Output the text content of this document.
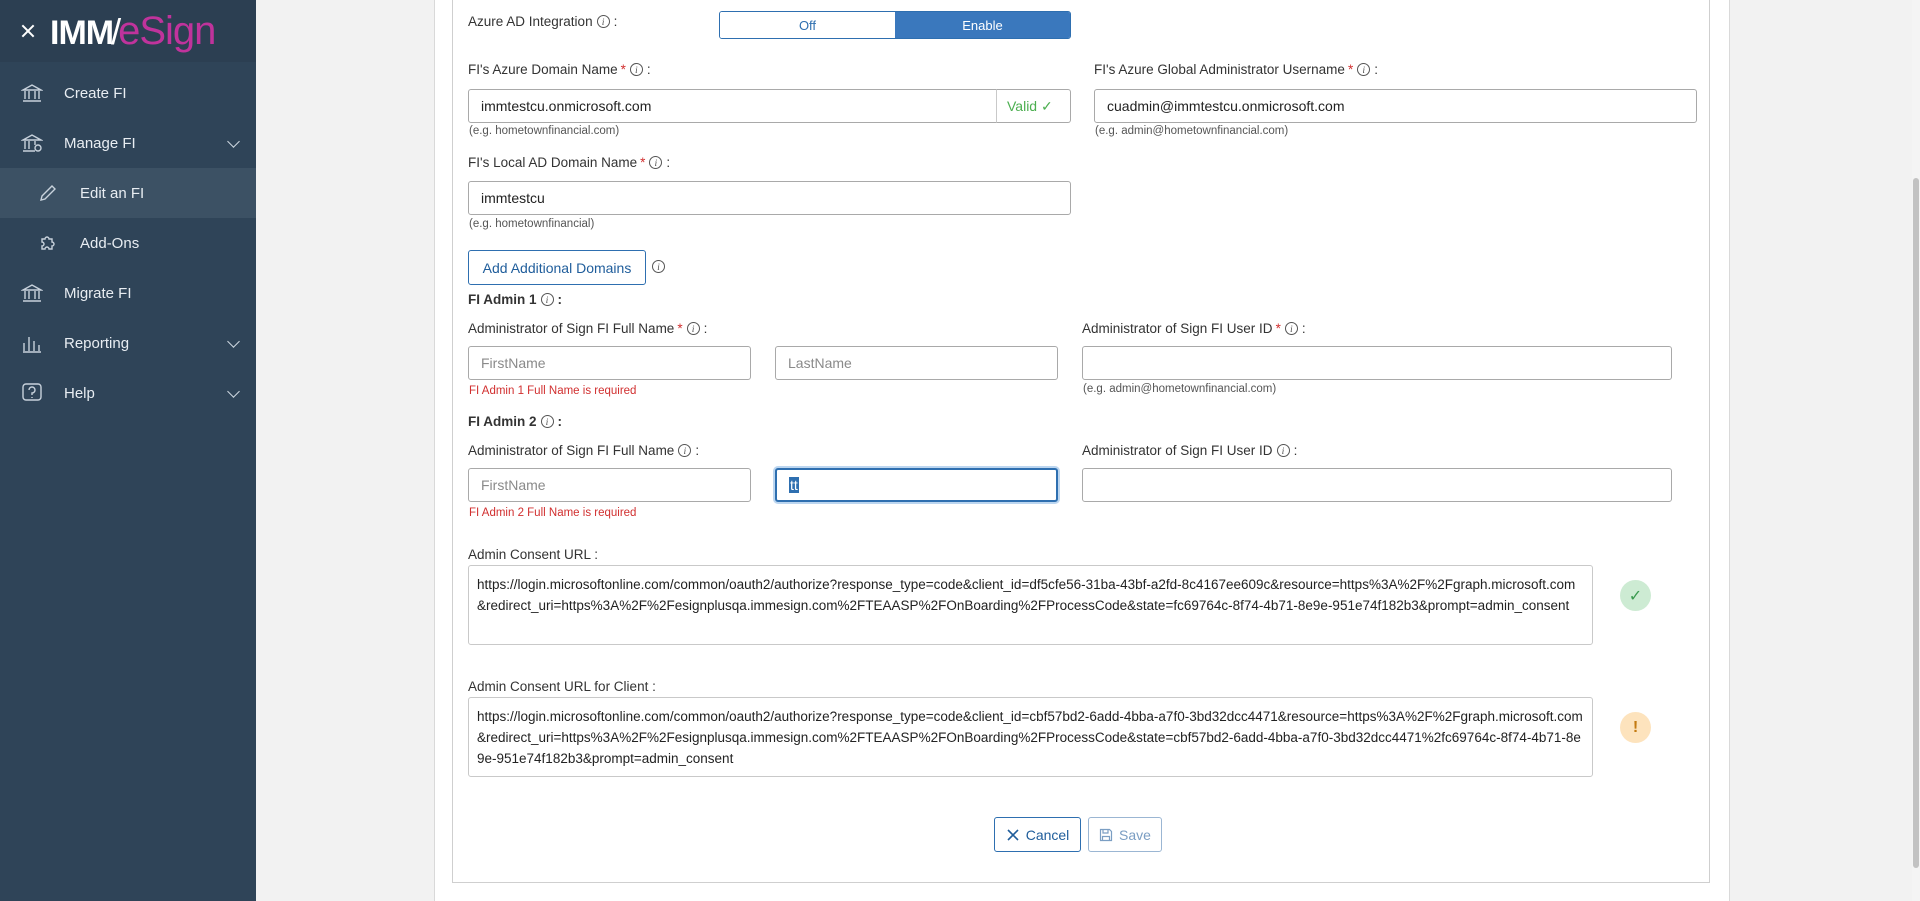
IMM
/
eSign
Create FI
Manage FI
Edit an FI
Add-Ons
Migrate FI
Reporting
Help
Azure AD Integration	i :	Off	Enable
FI's Azure Domain Name *	i :
immtestcu.onmicrosoft.com	Valid ✓
(e.g. hometownfinancial.com)
FI's Azure Global Administrator Username *	i :
cuadmin@immtestcu.onmicrosoft.com
(e.g. admin@hometownfinancial.com)
FI's Local AD Domain Name *	i :
immtestcu
(e.g. hometownfinancial)
Add Additional Domains	i
FI Admin 1	i :
Administrator of Sign FI Full Name *	i :
FirstName	LastName
FI Admin 1 Full Name is required
Administrator of Sign FI User ID *	i :
(e.g. admin@hometownfinancial.com)
FI Admin 2	i :
Administrator of Sign FI Full Name	i :
FirstName	tt
FI Admin 2 Full Name is required
Administrator of Sign FI User ID	i :
Admin Consent URL :
https://login.microsoftonline.com/common/oauth2/authorize?response_type=code&client_id=df5cfe56-31ba-43bf-a2fd-8c4167ee609c&resource=https%3A%2F%2Fgraph.microsoft.com&redirect_uri=https%3A%2F%2Fesignplusqa.immesign.com%2FTEAASP%2FOnBoarding%2FProcessCode&state=fc69764c-8f74-4b71-8e9e-951e74f182b3&prompt=admin_consent
✓
Admin Consent URL for Client :
https://login.microsoftonline.com/common/oauth2/authorize?response_type=code&client_id=cbf57bd2-6add-4bba-a7f0-3bd32dcc4471&resource=https%3A%2F%2Fgraph.microsoft.com&redirect_uri=https%3A%2F%2Fesignplusqa.immesign.com%2FTEAASP%2FOnBoarding%2FProcessCode&state=cbf57bd2-6add-4bba-a7f0-3bd32dcc4471%2fc69764c-8f74-4b71-8e9e-951e74f182b3&prompt=admin_consent
!
Cancel	Save
